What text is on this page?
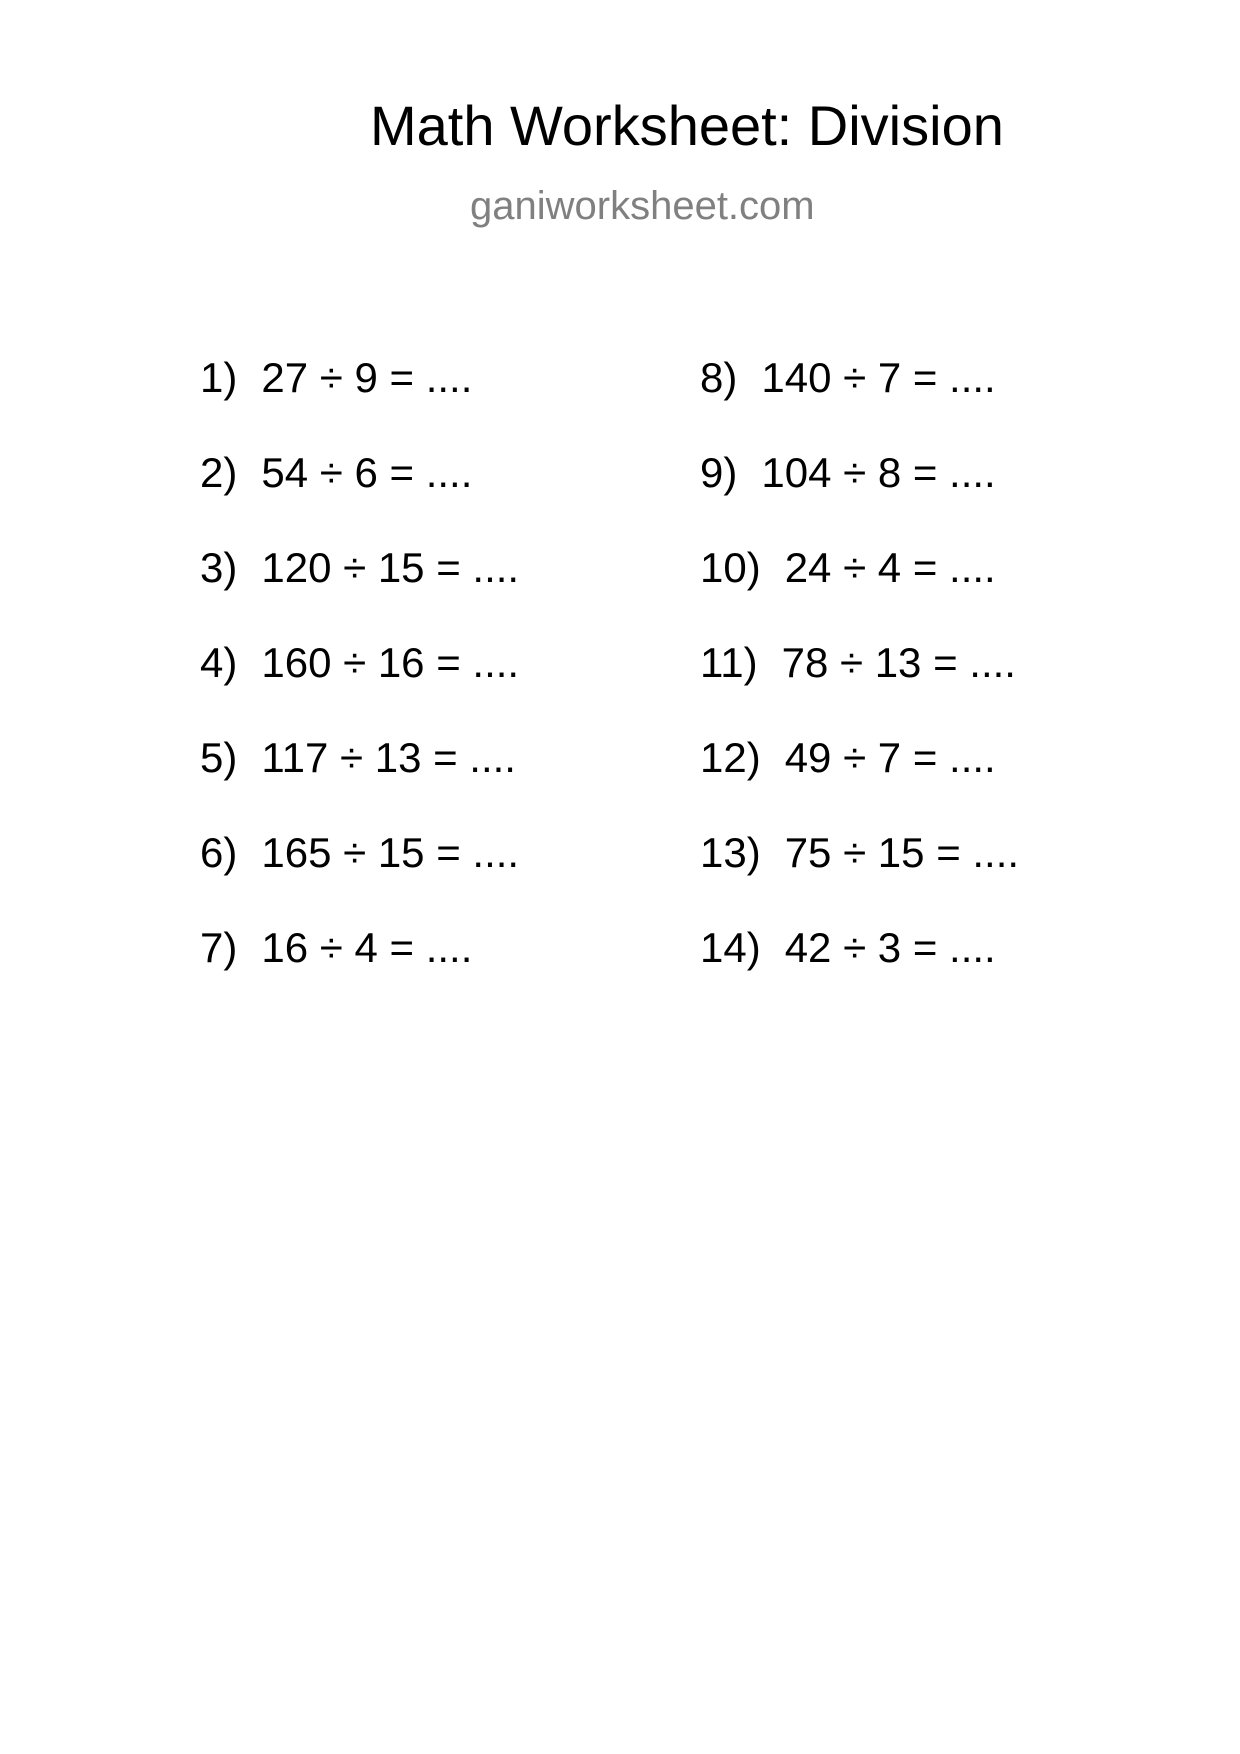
Math Worksheet: Division
ganiworksheet.com
1) 27 ÷ 9 = ....
2) 54 ÷ 6 = ....
3) 120 ÷ 15 = ....
4) 160 ÷ 16 = ....
5) 117 ÷ 13 = ....
6) 165 ÷ 15 = ....
7) 16 ÷ 4 = ....
8) 140 ÷ 7 = ....
9) 104 ÷ 8 = ....
10) 24 ÷ 4 = ....
11) 78 ÷ 13 = ....
12) 49 ÷ 7 = ....
13) 75 ÷ 15 = ....
14) 42 ÷ 3 = ....
